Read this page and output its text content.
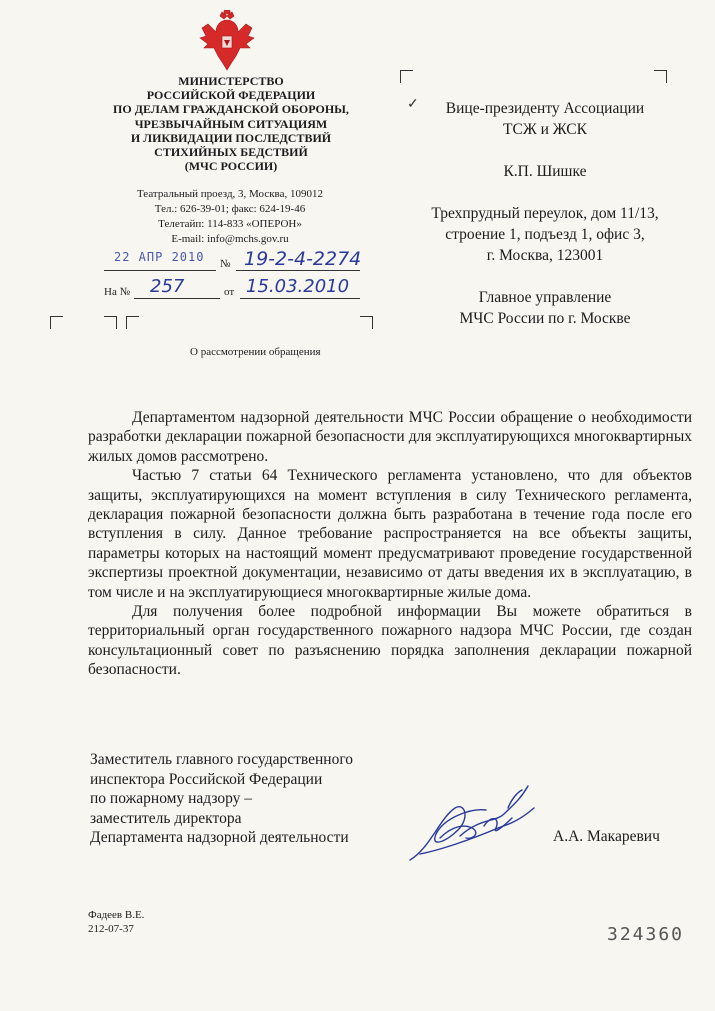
МИНИСТЕРСТВО
РОССИЙСКОЙ ФЕДЕРАЦИИ
ПО ДЕЛАМ ГРАЖДАНСКОЙ ОБОРОНЫ,
ЧРЕЗВЫЧАЙНЫМ СИТУАЦИЯМ
И ЛИКВИДАЦИИ ПОСЛЕДСТВИЙ
СТИХИЙНЫХ БЕДСТВИЙ
(МЧС РОССИИ)
Театральный проезд, 3, Москва, 109012
Тел.: 626-39-01; факс: 624-19-46
Телетайп: 114-833 «ОПЕРОН»
E-mail: info@mchs.gov.ru
22 АПР 2010 № 19-2-4-2274
На № 257	от 15.03.2010
✓	Вице-президенту Ассоциации
ТСЖ и ЖСК
К.П. Шишке
Трехпрудный переулок, дом 11/13,
строение 1, подъезд 1, офис 3,
г. Москва, 123001
Главное управление
МЧС России по г. Москве
О рассмотрении обращения

Департаментом надзорной деятельности МЧС России обращение о необходимости разработки декларации пожарной безопасности для эксплуатирующихся многоквартирных жилых домов рассмотрено.

Частью 7 статьи 64 Технического регламента установлено, что для объектов защиты, эксплуатирующихся на момент вступления в силу Технического регламента, декларация пожарной безопасности должна быть разработана в течение года после его вступления в силу. Данное требование распространяется на все объекты защиты, параметры которых на настоящий момент предусматривают проведение государственной экспертизы проектной документации, независимо от даты введения их в эксплуатацию, в том числе и на эксплуатирующиеся многоквартирные жилые дома.

Для получения более подробной информации Вы можете обратиться в территориальный орган государственного пожарного надзора МЧС России, где создан консультационный совет по разъяснению порядка заполнения декларации пожарной безопасности.

Заместитель главного государственного
инспектора Российской Федерации
по пожарному надзору –
заместитель директора
Департамента надзорной деятельности	А.А. Макаревич
Фадеев В.Е.
212-07-37	324360
